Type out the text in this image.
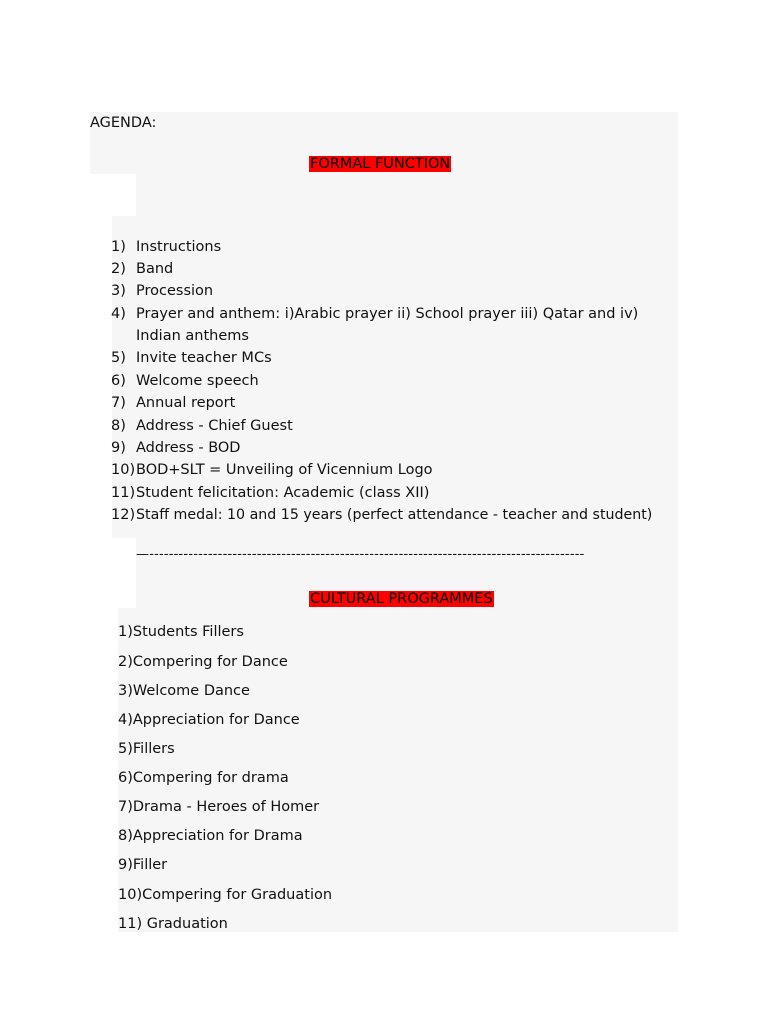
AGENDA:
FORMAL FUNCTION
1) Instructions
2) Band
3) Procession
4) Prayer and anthem: i)Arabic prayer ii) School prayer iii) Qatar and iv)
Indian anthems
5) Invite teacher MCs
6) Welcome speech
7) Annual report
8) Address - Chief Guest
9) Address - BOD
10) BOD+SLT = Unveiling of Vicennium Logo
11) Student felicitation: Academic (class XII)
12) Staff medal: 10 and 15 years (perfect attendance - teacher and student)
—-----------------------------------------------------------------------------------------
CULTURAL PROGRAMMES
1)Students Fillers
2)Compering for Dance
3)Welcome Dance
4)Appreciation for Dance
5)Fillers
6)Compering for drama
7)Drama - Heroes of Homer
8)Appreciation for Drama
9)Filler
10)Compering for Graduation
11) Graduation
